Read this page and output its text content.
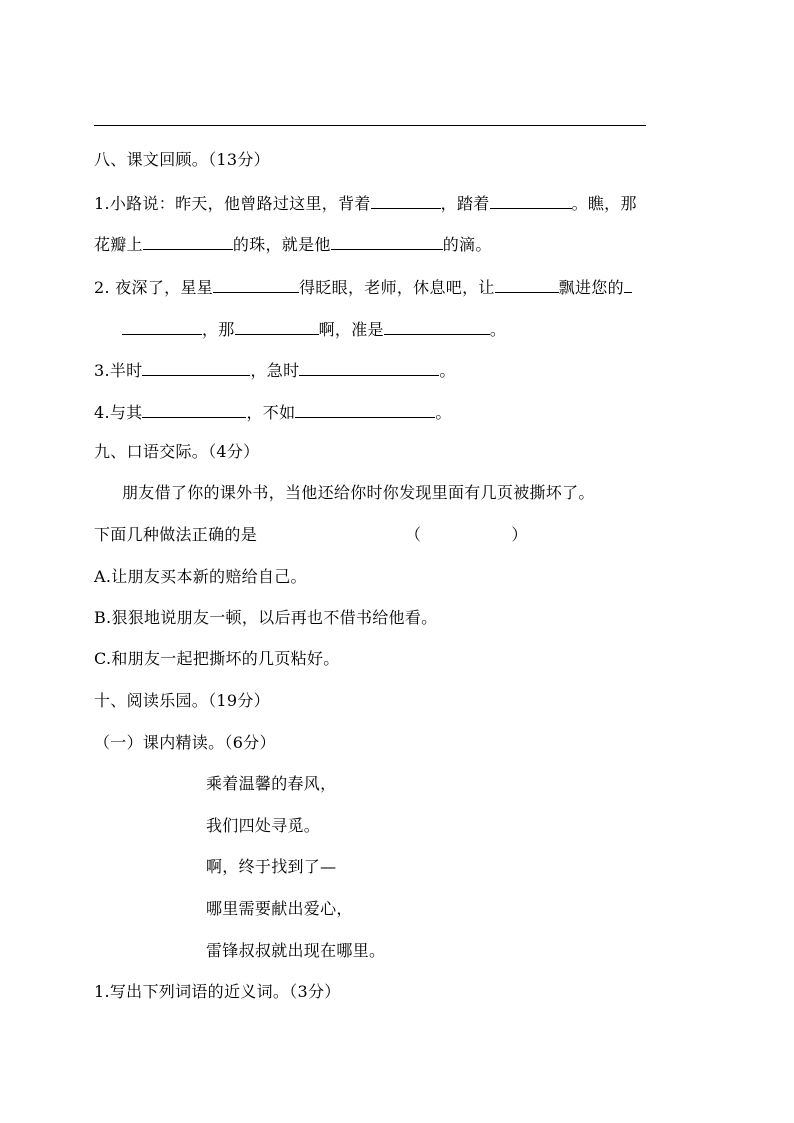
八、课文回顾。（13分）
1.小路说：昨天，他曾路过这里，背着	，踏着	。瞧，那
花瓣上	的珠，就是他	的滴。
2. 夜深了，星星	得眨眼，老师，休息吧，让	飘进您的
，那	啊，准是	。
3.半时	，急时	。
4.与其	，不如	。
九、口语交际。（4分）
朋友借了你的课外书，当他还给你时你发现里面有几页被撕坏了。
下面几种做法正确的是	（	）
A.让朋友买本新的赔给自己。
B.狠狠地说朋友一顿，以后再也不借书给他看。
C.和朋友一起把撕坏的几页粘好。
十、阅读乐园。（19分）
（一）课内精读。（6分）
乘着温馨的春风，
我们四处寻觅。
啊，终于找到了—
哪里需要献出爱心，
雷锋叔叔就出现在哪里。
1.写出下列词语的近义词。（3分）
